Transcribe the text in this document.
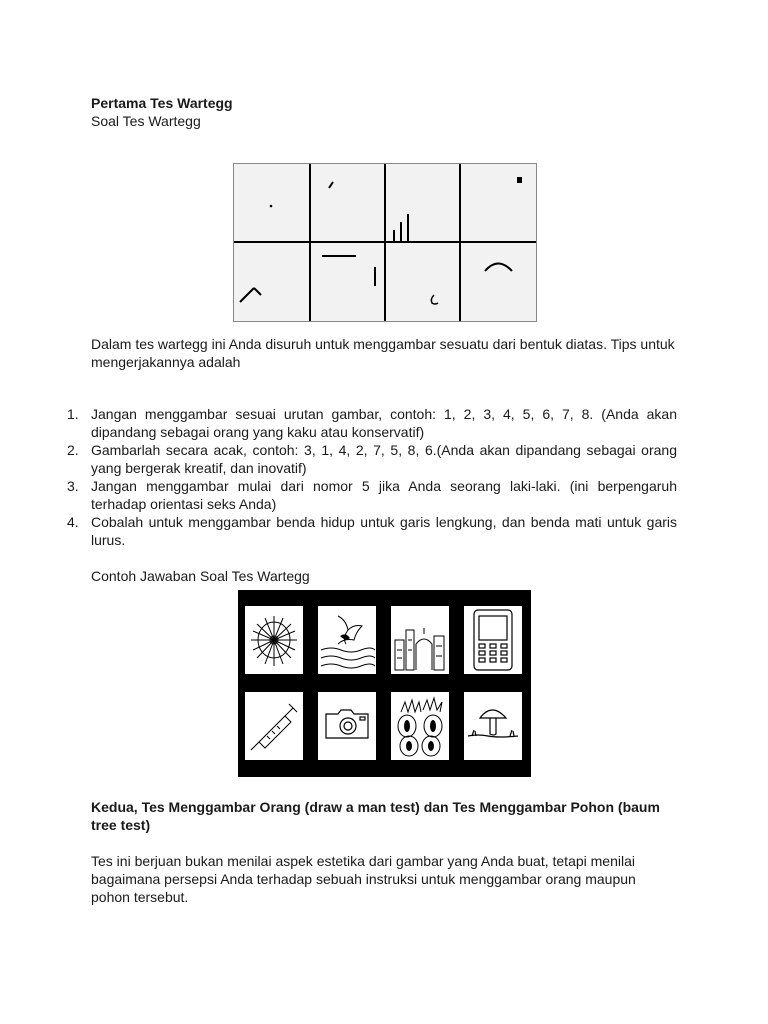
Pertama Tes Wartegg

Soal Tes Wartegg

Dalam tes wartegg ini Anda disuruh untuk menggambar sesuatu dari bentuk diatas. Tips untuk mengerjakannya adalah

1. Jangan menggambar sesuai urutan gambar, contoh: 1, 2, 3, 4, 5, 6, 7, 8. (Anda akan dipandang sebagai orang yang kaku atau konservatif)
2. Gambarlah secara acak, contoh: 3, 1, 4, 2, 7, 5, 8, 6.(Anda akan dipandang sebagai orang yang bergerak kreatif, dan inovatif)
3. Jangan menggambar mulai dari nomor 5 jika Anda seorang laki-laki. (ini berpengaruh terhadap orientasi seks Anda)
4. Cobalah untuk menggambar benda hidup untuk garis lengkung, dan benda mati untuk garis lurus.

Contoh Jawaban Soal Tes Wartegg

Kedua, Tes Menggambar Orang (draw a man test) dan Tes Menggambar Pohon (baum tree test)

Tes ini berjuan bukan menilai aspek estetika dari gambar yang Anda buat, tetapi menilai bagaimana persepsi Anda terhadap sebuah instruksi untuk menggambar orang maupun pohon tersebut.
